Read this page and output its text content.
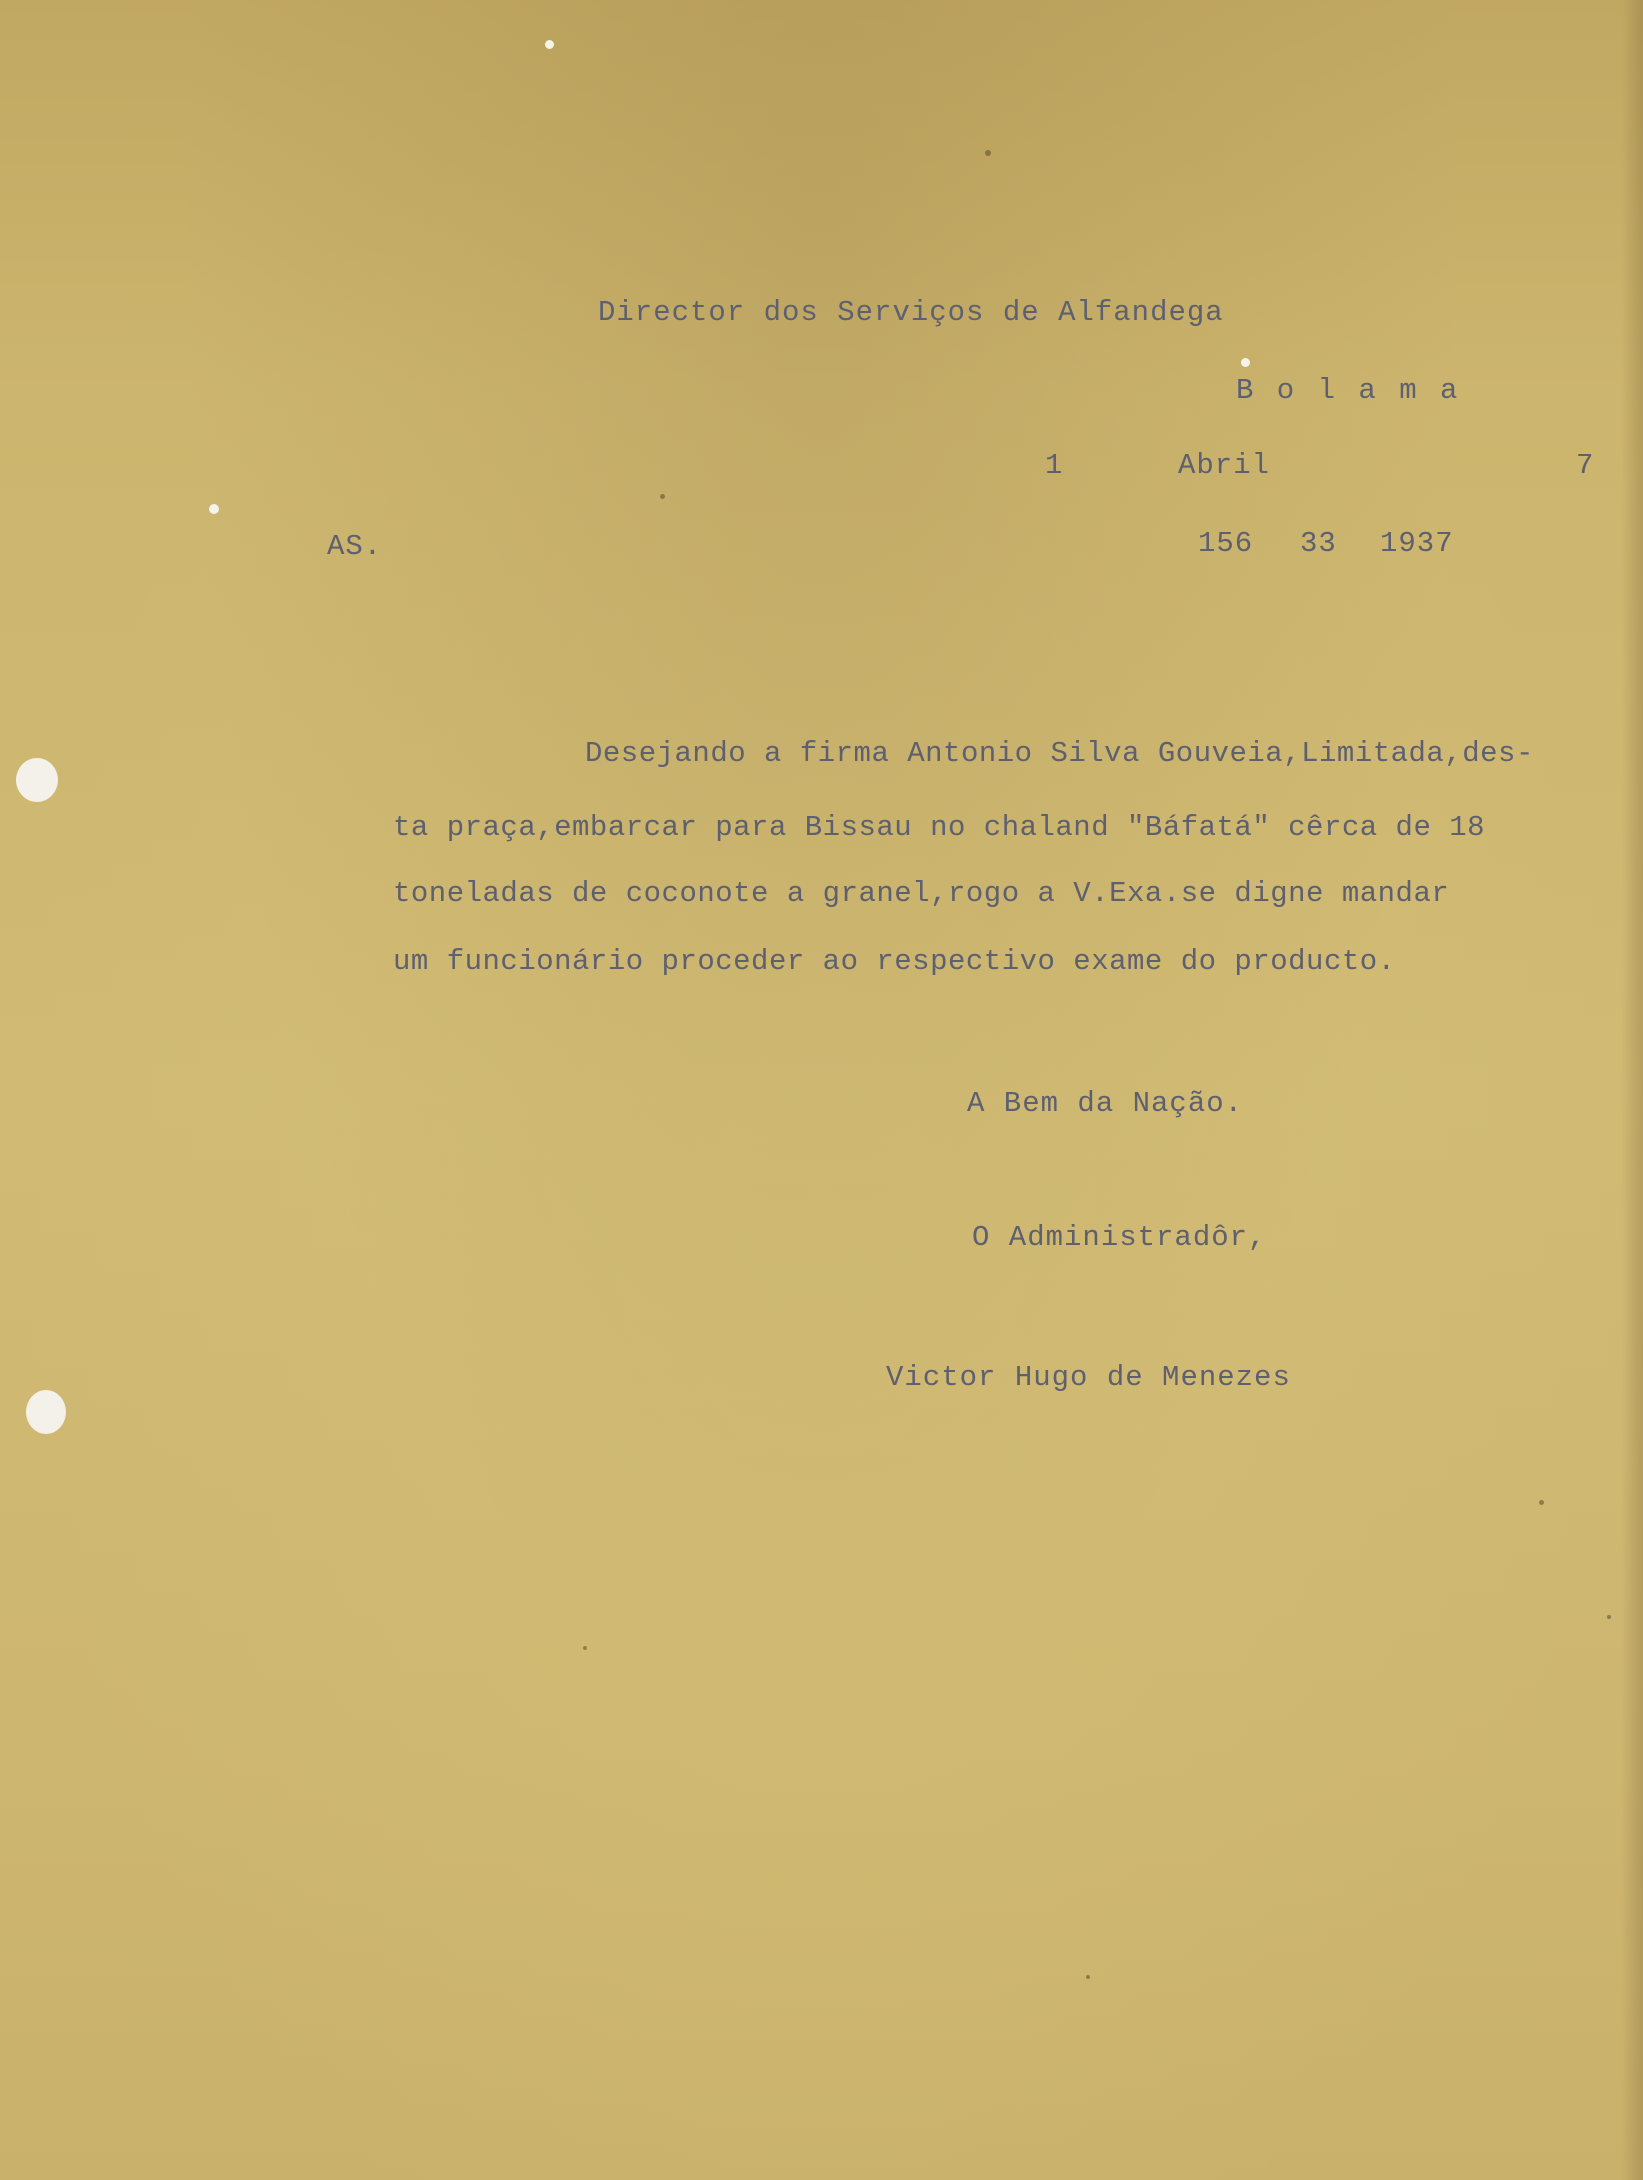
Director dos Serviços de Alfandega
B o l a m a
1	Abril	7
AS.	156 33 1937
Desejando a firma Antonio Silva Gouveia,Limitada,des-
ta praça,embarcar para Bissau no chaland "Báfatá" cêrca de 18
toneladas de coconote a granel,rogo a V.Exa.se digne mandar
um funcionário proceder ao respectivo exame do producto.
A Bem da Nação.
O Administradôr,
Victor Hugo de Menezes
